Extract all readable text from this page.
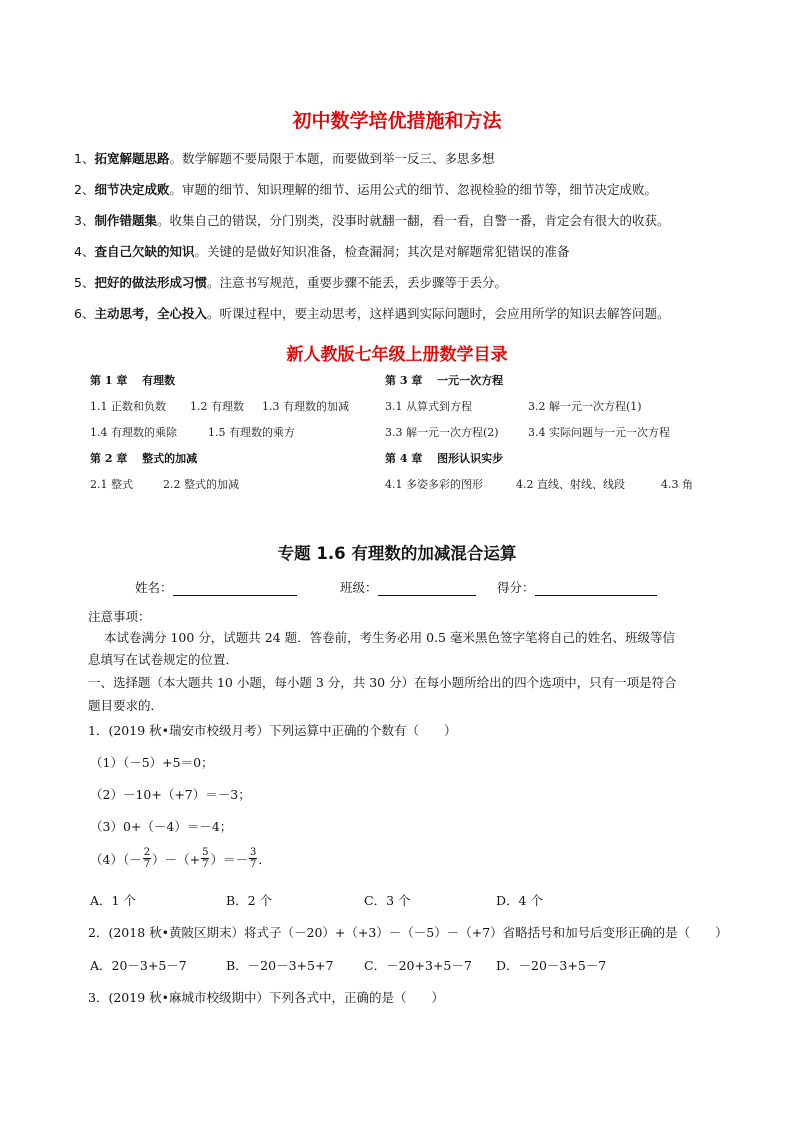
初中数学培优措施和方法
1、拓宽解题思路。数学解题不要局限于本题，而要做到举一反三、多思多想
2、细节决定成败。审题的细节、知识理解的细节、运用公式的细节、忽视检验的细节等，细节决定成败。
3、制作错题集。收集自己的错误，分门别类，没事时就翻一翻，看一看，自警一番，肯定会有很大的收获。
4、查自己欠缺的知识。关键的是做好知识准备，检查漏洞；其次是对解题常犯错误的准备
5、把好的做法形成习惯。注意书写规范，重要步骤不能丢，丢步骤等于丢分。
6、主动思考，全心投入。听课过程中，要主动思考，这样遇到实际问题时，会应用所学的知识去解答问题。
新人教版七年级上册数学目录
第 1 章　 有理数
1.1 正数和负数 1.2 有理数 1.3 有理数的加减
1.4 有理数的乘除	1.5 有理数的乘方
第 2 章　 整式的加减
2.1 整式	2.2 整式的加减
第 3 章　 一元一次方程
3.1 从算式到方程	3.2 解一元一次方程(1)
3.3 解一元一次方程(2)	3.4 实际问题与一元一次方程
第 4 章　 图形认识实步
4.1 多姿多彩的图形	4.2 直线、射线、线段	4.3 角
专题 1.6 有理数的加减混合运算
姓名：	班级：	得分：
注意事项：
本试卷满分 100 分，试题共 24 题．答卷前，考生务必用 0.5 毫米黑色签字笔将自己的姓名、班级等信
息填写在试卷规定的位置．
一、选择题（本大题共 10 小题，每小题 3 分，共 30 分）在每小题所给出的四个选项中，只有一项是符合
题目要求的．
1．(2019 秋•瑞安市校级月考）下列运算中正确的个数有（　　）
（1）（－5）+5＝0；
（2）－10+（+7）＝－3；
（3）0+（－4）＝－4；
$(4)(- \frac{2}{7}$ ）－（+ $\frac{5}{7}$ ）＝－ $\frac{3}{7}$ ．
A．1 个	B．2 个	C．3 个	D．4 个
2．(2018 秋•黄陂区期末）将式子（－20）+（+3）－（－5）－（+7）省略括号和加号后变形正确的是（　　）
A．20－3+5－7	B．－20－3+5+7 C．－20+3+5－7 D．－20－3+5－7
3．(2019 秋•麻城市校级期中）下列各式中，正确的是（　　）
